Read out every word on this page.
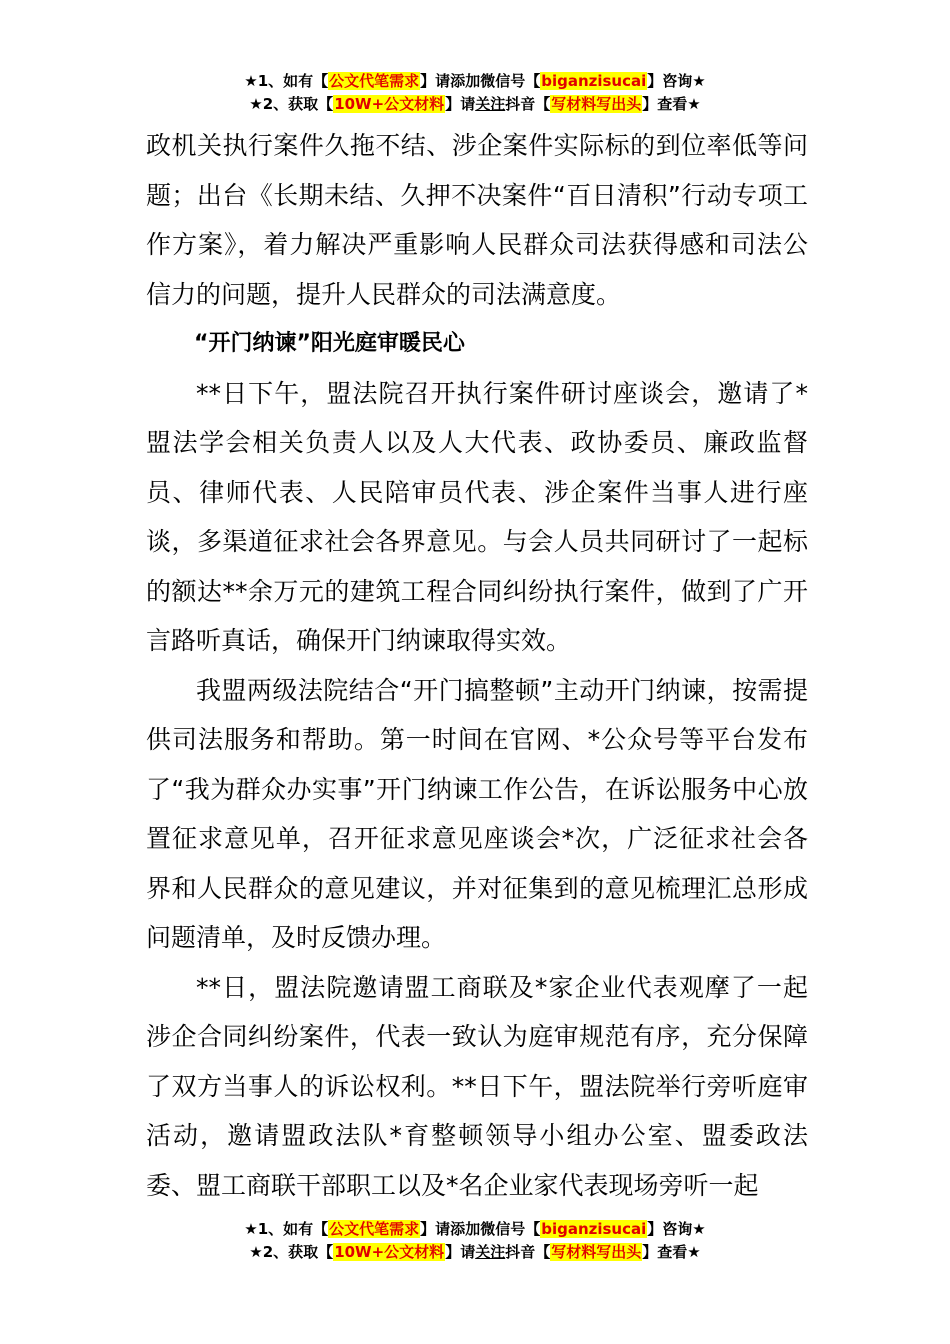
★1、如有【公文代笔需求】请添加微信号【biganzisucai】咨询★
★2、获取【10W+公文材料】请关注抖音【写材料写出头】查看★

政机关执行案件久拖不结、涉企案件实际标的到位率低等问题；出台《长期未结、久押不决案件“百日清积”行动专项工作方案》，着力解决严重影响人民群众司法获得感和司法公信力的问题，提升人民群众的司法满意度。

“开门纳谏”阳光庭审暖民心

**日下午，盟法院召开执行案件研讨座谈会，邀请了*盟法学会相关负责人以及人大代表、政协委员、廉政监督员、律师代表、人民陪审员代表、涉企案件当事人进行座谈，多渠道征求社会各界意见。与会人员共同研讨了一起标的额达**余万元的建筑工程合同纠纷执行案件，做到了广开言路听真话，确保开门纳谏取得实效。

我盟两级法院结合“开门搞整顿”主动开门纳谏，按需提供司法服务和帮助。第一时间在官网、*公众号等平台发布了“我为群众办实事”开门纳谏工作公告，在诉讼服务中心放置征求意见单，召开征求意见座谈会*次，广泛征求社会各界和人民群众的意见建议，并对征集到的意见梳理汇总形成问题清单，及时反馈办理。

**日，盟法院邀请盟工商联及*家企业代表观摩了一起涉企合同纠纷案件，代表一致认为庭审规范有序，充分保障了双方当事人的诉讼权利。**日下午，盟法院举行旁听庭审活动，邀请盟政法队*育整顿领导小组办公室、盟委政法委、盟工商联干部职工以及*名企业家代表现场旁听一起

★1、如有【公文代笔需求】请添加微信号【biganzisucai】咨询★
★2、获取【10W+公文材料】请关注抖音【写材料写出头】查看★
